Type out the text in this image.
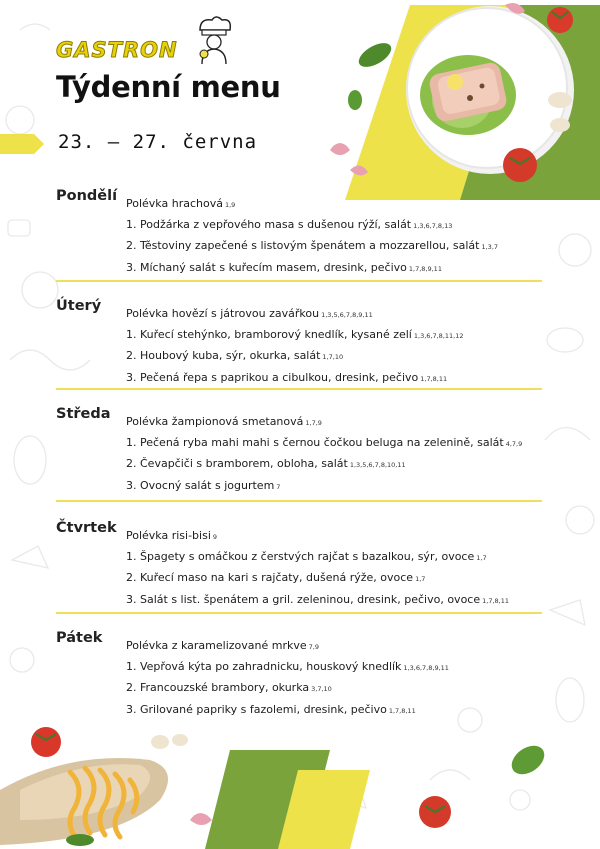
GASTRON
Týdenní menu
23. – 27. června
Pondělí Polévka hrachová 1,9
1. Podžárka z vepřového masa s dušenou rýží, salát 1,3,6,7,8,13
2. Těstoviny zapečené s listovým špenátem a mozzarellou, salát 1,3,7
3. Míchaný salát s kuřecím masem, dresink, pečivo 1,7,8,9,11
Úterý Polévka hovězí s játrovou zavářkou 1,3,5,6,7,8,9,11
1. Kuřecí stehýnko, bramborový knedlík, kysané zelí 1,3,6,7,8,11,12
2. Houbový kuba, sýr, okurka, salát 1,7,10
3. Pečená řepa s paprikou a cibulkou, dresink, pečivo 1,7,8,11
Středa Polévka žampionová smetanová 1,7,9
1. Pečená ryba mahi mahi s černou čočkou beluga na zelenině, salát 4,7,9
2. Čevapčiči s bramborem, obloha, salát 1,3,5,6,7,8,10,11
3. Ovocný salát s jogurtem 7
Čtvrtek Polévka risi-bisi 9
1. Špagety s omáčkou z čerstvých rajčat s bazalkou, sýr, ovoce 1,7
2. Kuřecí maso na kari s rajčaty, dušená rýže, ovoce 1,7
3. Salát s list. špenátem a gril. zeleninou, dresink, pečivo, ovoce 1,7,8,11
Pátek Polévka z karamelizované mrkve 7,9
1. Vepřová kýta po zahradnicku, houskový knedlík 1,3,6,7,8,9,11
2. Francouzské brambory, okurka 3,7,10
3. Grilované papriky s fazolemi, dresink, pečivo 1,7,8,11
